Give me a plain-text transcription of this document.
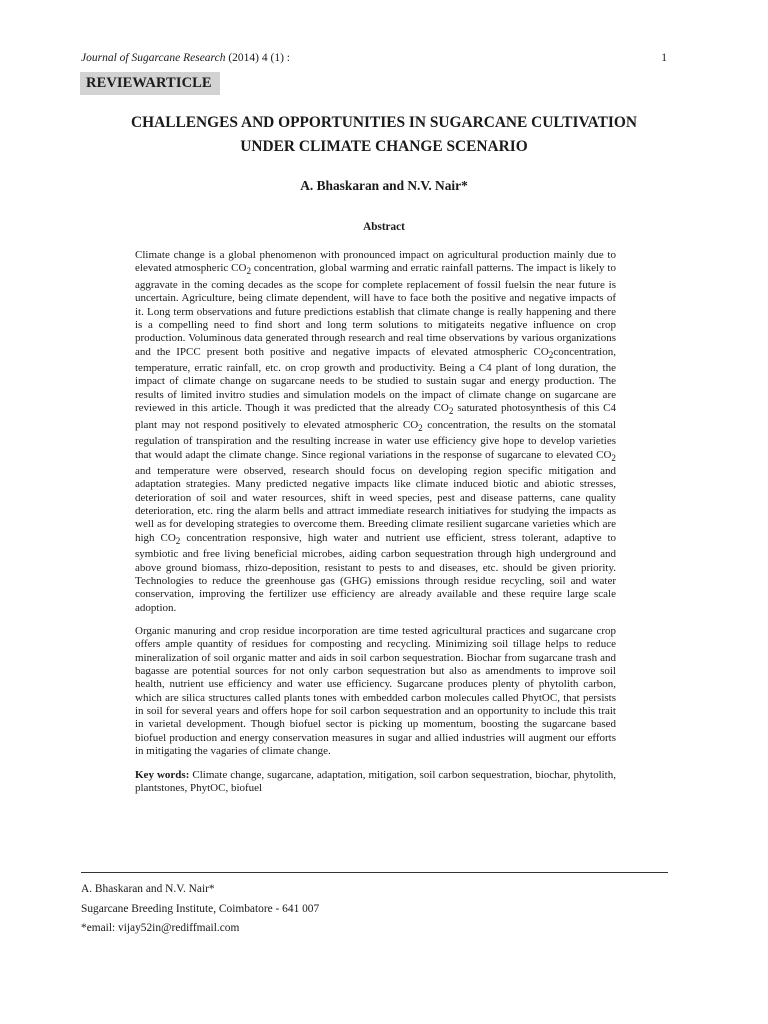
Journal of Sugarcane Research (2014) 4 (1) :	1
REVIEWARTICLE
CHALLENGES AND OPPORTUNITIES IN SUGARCANE CULTIVATION
UNDER CLIMATE CHANGE SCENARIO

A. Bhaskaran and N.V. Nair*

Abstract

Climate change is a global phenomenon with pronounced impact on agricultural production mainly due to elevated atmospheric $CO_2$ concentration, global warming and erratic rainfall patterns. The impact is likely to aggravate in the coming decades as the scope for complete replacement of fossil fuelsin the near future is uncertain. Agriculture, being climate dependent, will have to face both the positive and negative impacts of it. Long term observations and future predictions establish that climate change is really happening and there is a compelling need to find short and long term solutions to mitigateits negative influence on crop production. Voluminous data generated through research and real time observations by various organizations and the IPCC present both positive and negative impacts of elevated atmospheric $CO_2concentration$, temperature, erratic rainfall, etc. on crop growth and productivity. Being a C4 plant of long duration, the impact of climate change on sugarcane needs to be studied to sustain sugar and energy production. The results of limited invitro studies and simulation models on the impact of climate change on sugarcane are reviewed in this article. Though it was predicted that the already $CO_2$ saturated photosynthesis of this C4 plant may not respond positively to elevated atmospheric $CO_2$ concentration, the results on the stomatal regulation of transpiration and the resulting increase in water use efficiency give hope to develop varieties that would adapt the climate change. Since regional variations in the response of sugarcane to elevated $CO_2$ and temperature were observed, research should focus on developing region specific mitigation and adaptation strategies. Many predicted negative impacts like climate induced biotic and abiotic stresses, deterioration of soil and water resources, shift in weed species, pest and disease patterns, cane quality deterioration, etc. ring the alarm bells and attract immediate research initiatives for studying the impacts as well as for developing strategies to overcome them. Breeding climate resilient sugarcane varieties which are high $CO_2$ concentration responsive, high water and nutrient use efficient, stress tolerant, adaptive to symbiotic and free living beneficial microbes, aiding carbon sequestration through high underground and above ground biomass, rhizo-deposition, resistant to pests to and diseases, etc. should be given priority. Technologies to reduce the greenhouse gas (GHG) emissions through residue recycling, soil and water conservation, improving the fertilizer use efficiency are already available and these require large scale adoption.

Organic manuring and crop residue incorporation are time tested agricultural practices and sugarcane crop offers ample quantity of residues for composting and recycling. Minimizing soil tillage helps to reduce mineralization of soil organic matter and aids in soil carbon sequestration. Biochar from sugarcane trash and bagasse are potential sources for not only carbon sequestration but also as amendments to improve soil health, nutrient use efficiency and water use efficiency. Sugarcane produces plenty of phytolith carbon, which are silica structures called plants tones with embedded carbon molecules called PhytOC, that persists in soil for several years and offers hope for soil carbon sequestration and an opportunity to include this trait in varietal development. Though biofuel sector is picking up momentum, boosting the sugarcane based biofuel production and energy conservation measures in sugar and allied industries will augment our efforts in mitigating the vagaries of climate change.

Key words: Climate change, sugarcane, adaptation, mitigation, soil carbon sequestration, biochar, phytolith, plantstones, PhytOC, biofuel

A. Bhaskaran and N.V. Nair*
Sugarcane Breeding Institute, Coimbatore - 641 007
*email: vijay52in@rediffmail.com
